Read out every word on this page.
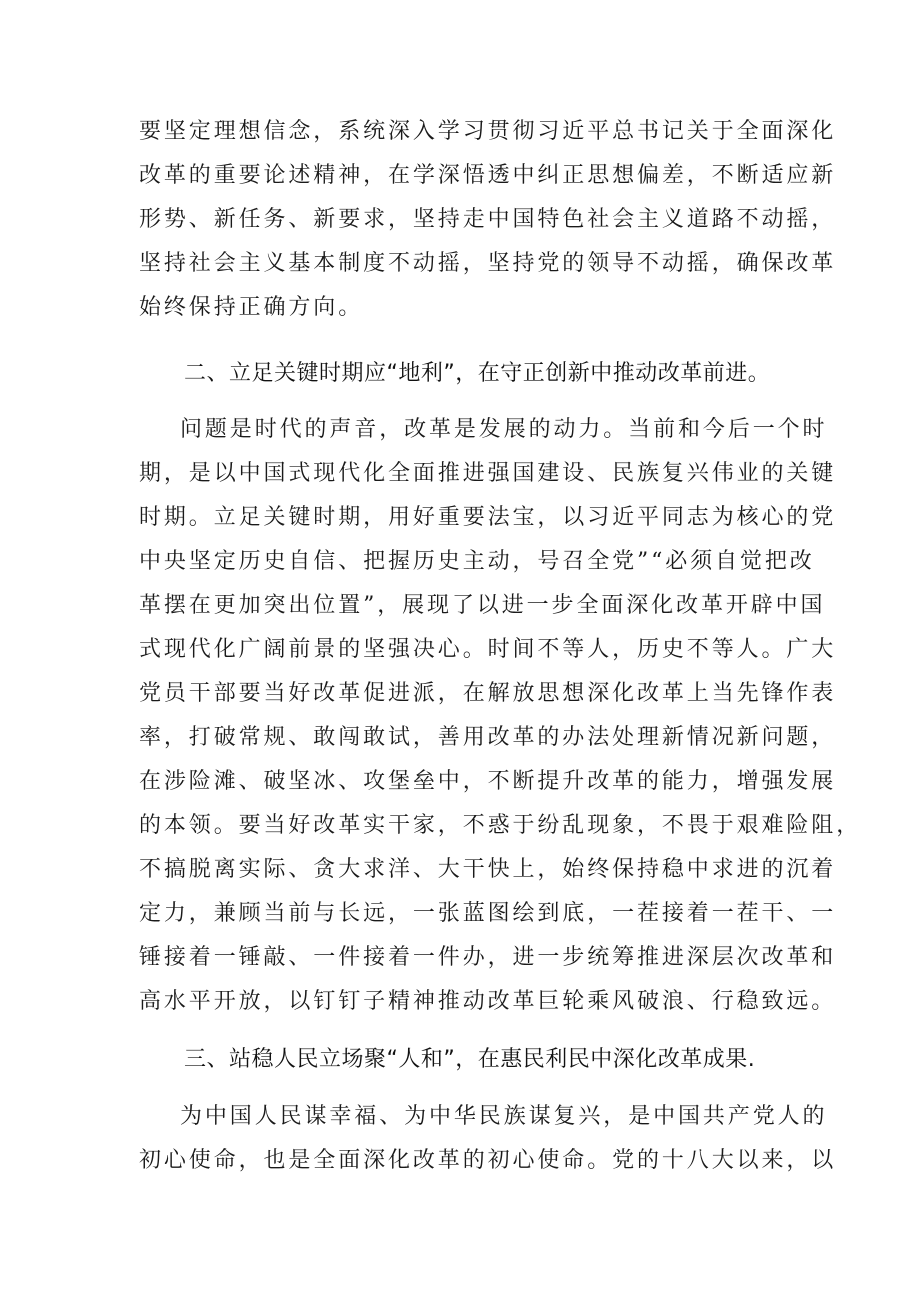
要坚定理想信念，系统深入学习贯彻习近平总书记关于全面深化
改革的重要论述精神，在学深悟透中纠正思想偏差，不断适应新
形势、新任务、新要求，坚持走中国特色社会主义道路不动摇，
坚持社会主义基本制度不动摇，坚持党的领导不动摇，确保改革
始终保持正确方向。
二、立足关键时期应“地利”，在守正创新中推动改革前进。
问题是时代的声音，改革是发展的动力。当前和今后一个时
期，是以中国式现代化全面推进强国建设、民族复兴伟业的关键
时期。立足关键时期，用好重要法宝，以习近平同志为核心的党
中央坚定历史自信、把握历史主动，号召全党”“必须自觉把改
革摆在更加突出位置”，展现了以进一步全面深化改革开辟中国
式现代化广阔前景的坚强决心。时间不等人，历史不等人。广大
党员干部要当好改革促进派，在解放思想深化改革上当先锋作表
率，打破常规、敢闯敢试，善用改革的办法处理新情况新问题，
在涉险滩、破坚冰、攻堡垒中，不断提升改革的能力，增强发展
的本领。要当好改革实干家，不惑于纷乱现象，不畏于艰难险阻，
不搞脱离实际、贪大求洋、大干快上，始终保持稳中求进的沉着
定力，兼顾当前与长远，一张蓝图绘到底，一茬接着一茬干、一
锤接着一锤敲、一件接着一件办，进一步统筹推进深层次改革和
高水平开放，以钉钉子精神推动改革巨轮乘风破浪、行稳致远。
三、站稳人民立场聚“人和”，在惠民利民中深化改革成果.
为中国人民谋幸福、为中华民族谋复兴，是中国共产党人的
初心使命，也是全面深化改革的初心使命。党的十八大以来，以
